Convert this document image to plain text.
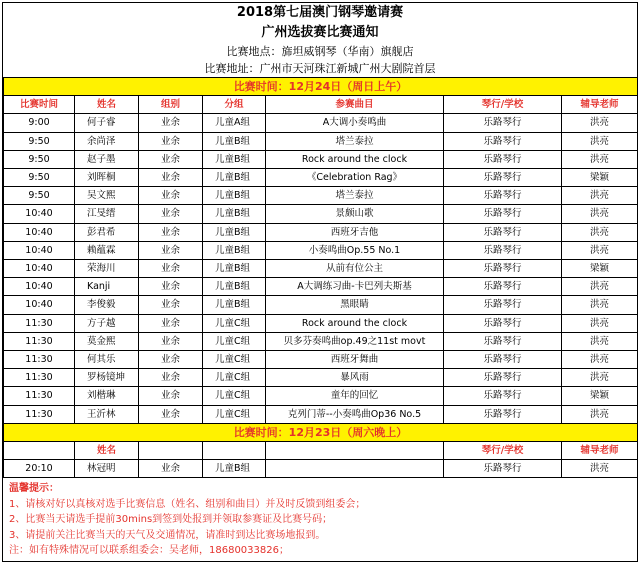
2018第七届澳门钢琴邀请赛
广州选拔赛比赛通知
比赛地点：旆坦威钢琴（华南）旗舰店
比赛地址：广州市天河珠江新城广州大剧院首层
比赛时间：12月24日（周日上午）						
比赛时间	姓名	组别	分组	参赛曲目	琴行/学校	辅导老师
9:00	何子睿	业余	儿童A组	A大调小奏鸣曲	乐路琴行	洪亮
9:50	余尚泽	业余	儿童B组	塔兰泰拉	乐路琴行	洪亮
9:50	赵子墨	业余	儿童B组	Rock around the clock	乐路琴行	洪亮
9:50	刘晖桐	业余	儿童B组	《Celebration Rag》	乐路琴行	梁颖
9:50	吴文熙	业余	儿童B组	塔兰泰拉	乐路琴行	洪亮
10:40	江旻缙	业余	儿童B组	景颇山歌	乐路琴行	洪亮
10:40	彭君希	业余	儿童B组	西班牙吉他	乐路琴行	洪亮
10:40	赖蕴霖	业余	儿童B组	小奏鸣曲Op.55 No.1	乐路琴行	洪亮
10:40	荣海川	业余	儿童B组	从前有位公主	乐路琴行	梁颖
10:40	Kanji	业余	儿童B组	A大调练习曲-卡巴列夫斯基	乐路琴行	洪亮
10:40	李俊毅	业余	儿童B组	黑眼睛	乐路琴行	洪亮
11:30	方子越	业余	儿童C组	Rock around the clock	乐路琴行	洪亮
11:30	莫金熙	业余	儿童C组	贝多芬奏鸣曲op.49之11st movt	乐路琴行	洪亮
11:30	何其乐	业余	儿童C组	西班牙舞曲	乐路琴行	洪亮
11:30	罗杨镜坤	业余	儿童C组	暴风雨	乐路琴行	洪亮
11:30	刘楷琳	业余	儿童C组	童年的回忆	乐路琴行	梁颖
11:30	王沂林	业余	儿童C组	克列门蒂--小奏鸣曲Op36 No.5	乐路琴行	洪亮
比赛时间：12月23日（周六晚上）						
	姓名				琴行/学校	辅导老师
20:10	林冠明	业余	儿童B组		乐路琴行	洪亮
温馨提示：
1、请核对好以真核对选手比赛信息（姓名、组别和曲目）并及时反馈到组委会；
2、比赛当天请选手提前30mins到签到处报到并领取参赛证及比赛号码；
3、请提前关注比赛当天的天气及交通情况，请准时到达比赛场地报到。
注：如有特殊情况可以联系组委会：吴老师，18680033826；
